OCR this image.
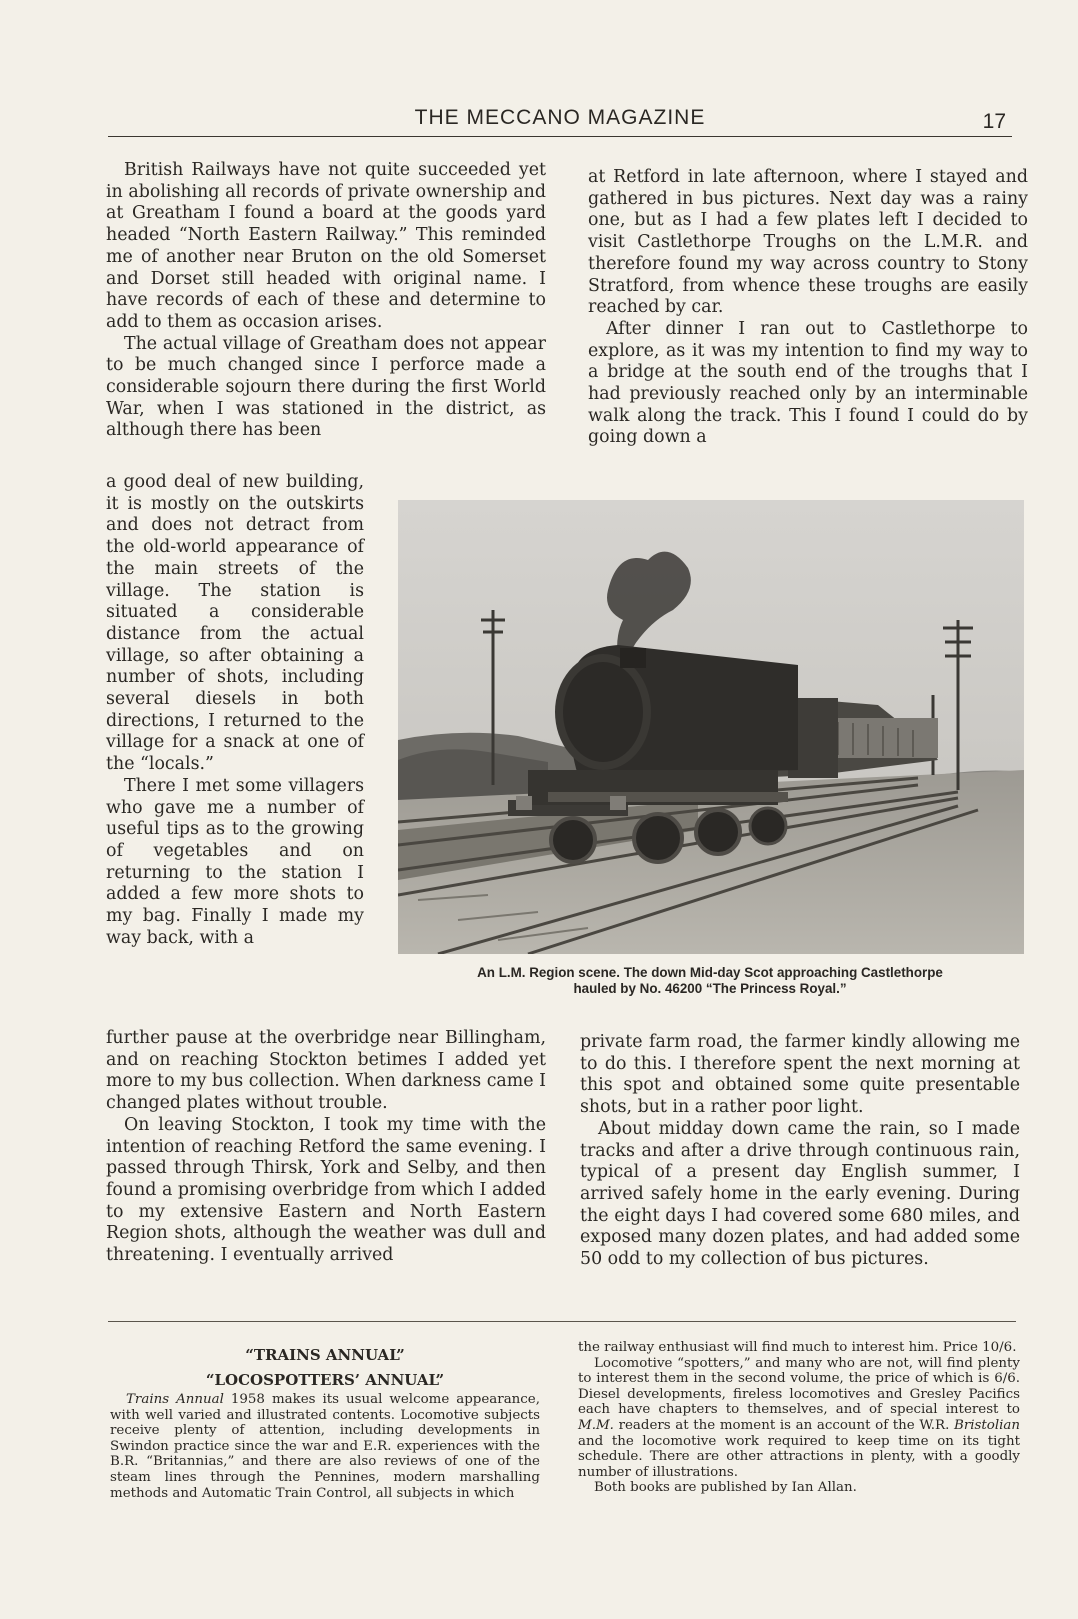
THE MECCANO MAGAZINE	17

British Railways have not quite succeeded yet in abolishing all records of private ownership and at Greatham I found a board at the goods yard headed “North Eastern Railway.” This reminded me of another near Bruton on the old Somerset and Dorset still headed with original name. I have records of each of these and determine to add to them as occasion arises.

The actual village of Greatham does not appear to be much changed since I perforce made a considerable sojourn there during the first World War, when I was stationed in the district, as although there has been

a good deal of new building, it is mostly on the outskirts and does not detract from the old-world appearance of the main streets of the village. The station is situated a considerable distance from the actual village, so after obtaining a number of shots, including several diesels in both directions, I returned to the village for a snack at one of the “locals.”

There I met some villagers who gave me a number of useful tips as to the growing of vegetables and on returning to the station I added a few more shots to my bag. Finally I made my way back, with a

further pause at the overbridge near Billingham, and on reaching Stockton betimes I added yet more to my bus collection. When darkness came I changed plates without trouble.

On leaving Stockton, I took my time with the intention of reaching Retford the same evening. I passed through Thirsk, York and Selby, and then found a promising overbridge from which I added to my extensive Eastern and North Eastern Region shots, although the weather was dull and threatening. I eventually arrived

at Retford in late afternoon, where I stayed and gathered in bus pictures. Next day was a rainy one, but as I had a few plates left I decided to visit Castlethorpe Troughs on the L.M.R. and therefore found my way across country to Stony Stratford, from whence these troughs are easily reached by car.

After dinner I ran out to Castlethorpe to explore, as it was my intention to find my way to a bridge at the south end of the troughs that I had previously reached only by an interminable walk along the track. This I found I could do by going down a

private farm road, the farmer kindly allowing me to do this. I therefore spent the next morning at this spot and obtained some quite presentable shots, but in a rather poor light.

About midday down came the rain, so I made tracks and after a drive through continuous rain, typical of a present day English summer, I arrived safely home in the early evening. During the eight days I had covered some 680 miles, and exposed many dozen plates, and had added some 50 odd to my collection of bus pictures.

An L.M. Region scene. The down Mid-day Scot approaching Castlethorpe
hauled by No. 46200 “The Princess Royal.”
“TRAINS ANNUAL”
“LOCOSPOTTERS’ ANNUAL”

Trains Annual 1958 makes its usual welcome appearance, with well varied and illustrated contents. Locomotive subjects receive plenty of attention, including developments in Swindon practice since the war and E.R. experiences with the B.R. “Britannias,” and there are also reviews of one of the steam lines through the Pennines, modern marshalling methods and Automatic Train Control, all subjects in which

the railway enthusiast will find much to interest him. Price 10/6.

Locomotive “spotters,” and many who are not, will find plenty to interest them in the second volume, the price of which is 6/6. Diesel developments, fireless locomotives and Gresley Pacifics each have chapters to themselves, and of special interest to M.M. readers at the moment is an account of the W.R. Bristolian and the locomotive work required to keep time on its tight schedule. There are other attractions in plenty, with a goodly number of illustrations.

Both books are published by Ian Allan.
